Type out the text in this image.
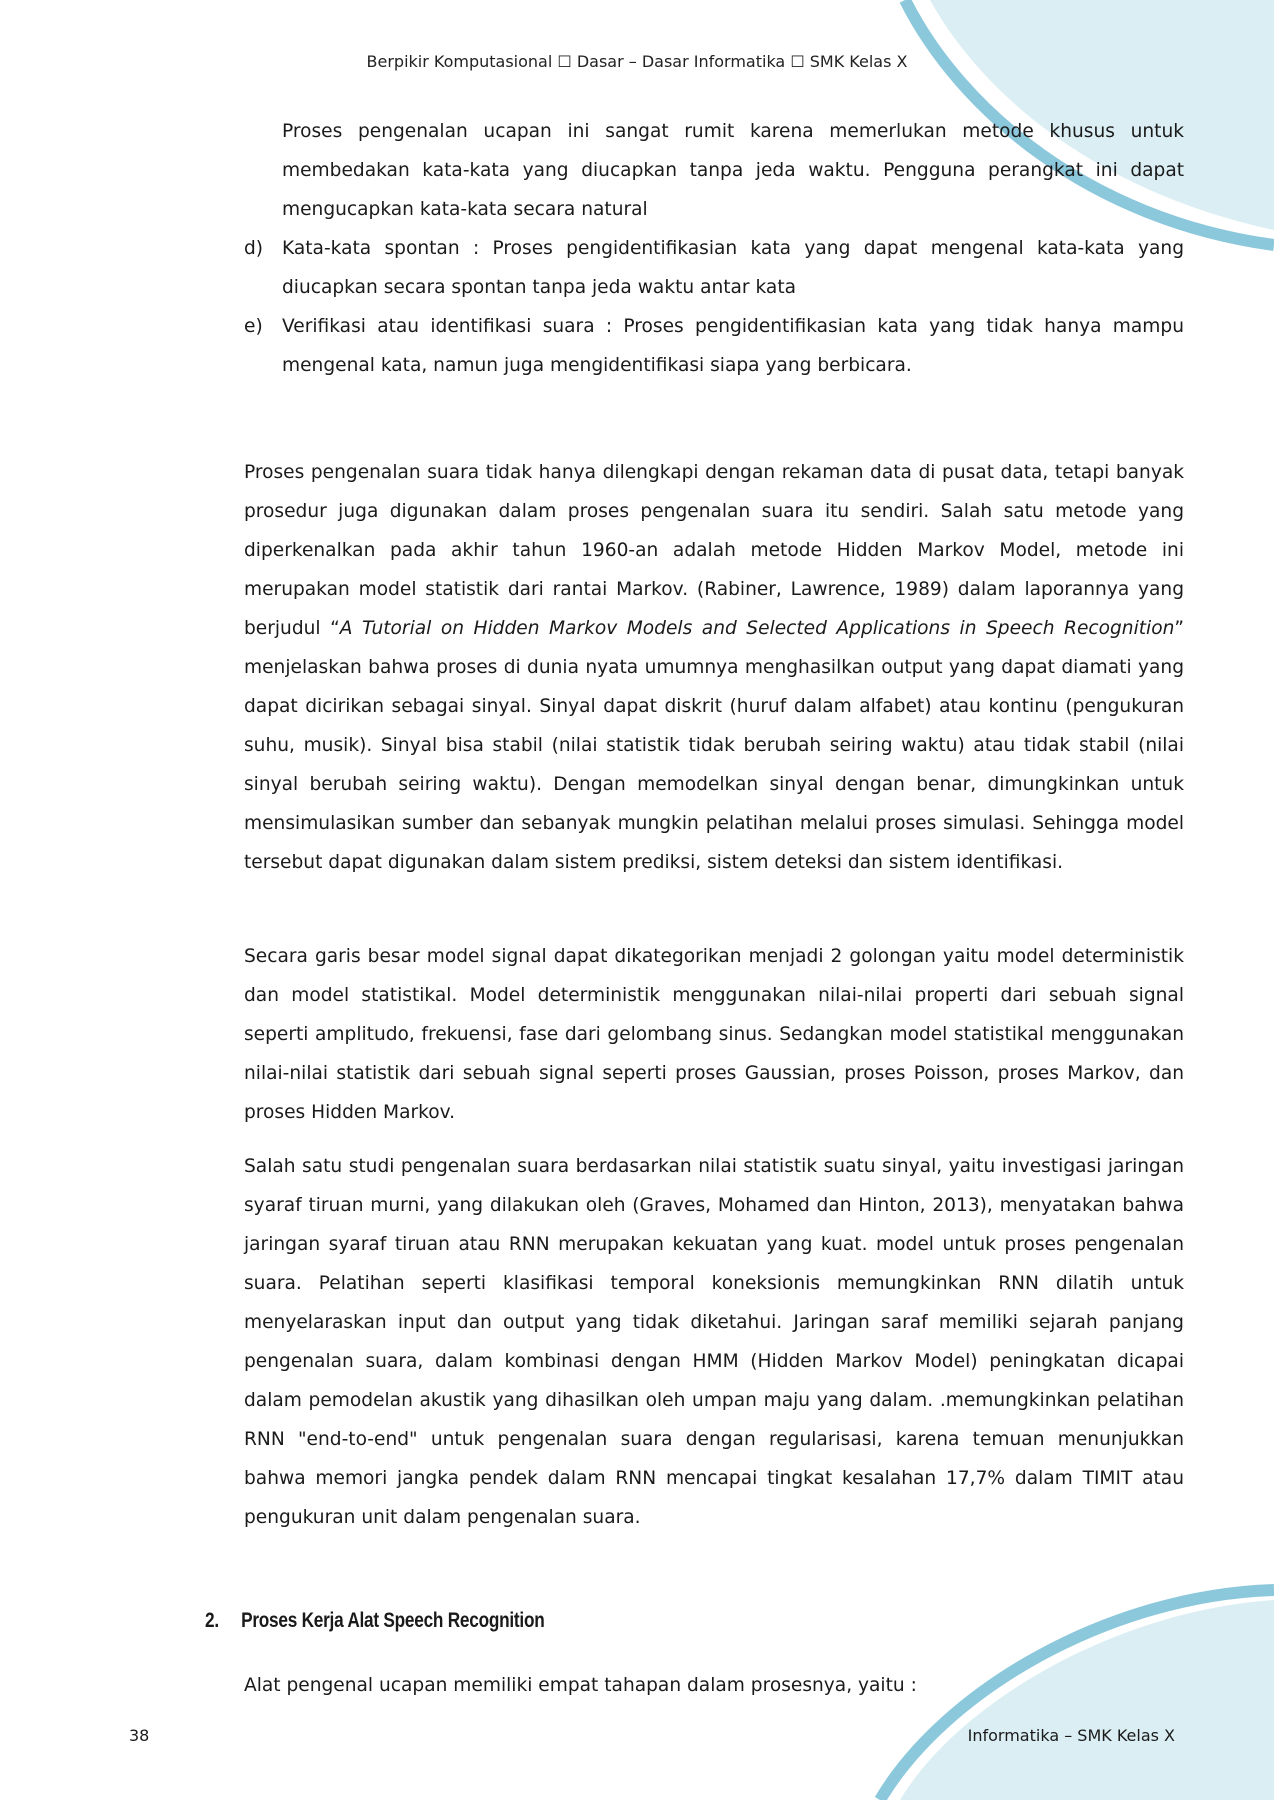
Berpikir Komputasional ☐ Dasar – Dasar Informatika ☐ SMK Kelas X

Proses pengenalan ucapan ini sangat rumit karena memerlukan metode khusus untuk membedakan kata-kata yang diucapkan tanpa jeda waktu. Pengguna perangkat ini dapat mengucapkan kata-kata secara natural

d) Kata-kata spontan : Proses pengidentifikasian kata yang dapat mengenal kata-kata yang diucapkan secara spontan tanpa jeda waktu antar kata
e) Verifikasi atau identifikasi suara : Proses pengidentifikasian kata yang tidak hanya mampu mengenal kata, namun juga mengidentifikasi siapa yang berbicara.

Proses pengenalan suara tidak hanya dilengkapi dengan rekaman data di pusat data, tetapi banyak prosedur juga digunakan dalam proses pengenalan suara itu sendiri. Salah satu metode yang diperkenalkan pada akhir tahun 1960-an adalah metode Hidden Markov Model, metode ini merupakan model statistik dari rantai Markov. (Rabiner, Lawrence, 1989) dalam laporannya yang berjudul “A Tutorial on Hidden Markov Models and Selected Applications in Speech Recognition” menjelaskan bahwa proses di dunia nyata umumnya menghasilkan output yang dapat diamati yang dapat dicirikan sebagai sinyal. Sinyal dapat diskrit (huruf dalam alfabet) atau kontinu (pengukuran suhu, musik). Sinyal bisa stabil (nilai statistik tidak berubah seiring waktu) atau tidak stabil (nilai sinyal berubah seiring waktu). Dengan memodelkan sinyal dengan benar, dimungkinkan untuk mensimulasikan sumber dan sebanyak mungkin pelatihan melalui proses simulasi. Sehingga model tersebut dapat digunakan dalam sistem prediksi, sistem deteksi dan sistem identifikasi.

Secara garis besar model signal dapat dikategorikan menjadi 2 golongan yaitu model deterministik dan model statistikal. Model deterministik menggunakan nilai-nilai properti dari sebuah signal seperti amplitudo, frekuensi, fase dari gelombang sinus. Sedangkan model statistikal menggunakan nilai-nilai statistik dari sebuah signal seperti proses Gaussian, proses Poisson, proses Markov, dan proses Hidden Markov.

Salah satu studi pengenalan suara berdasarkan nilai statistik suatu sinyal, yaitu investigasi jaringan syaraf tiruan murni, yang dilakukan oleh (Graves, Mohamed dan Hinton, 2013), menyatakan bahwa jaringan syaraf tiruan atau RNN merupakan kekuatan yang kuat. model untuk proses pengenalan suara. Pelatihan seperti klasifikasi temporal koneksionis memungkinkan RNN dilatih untuk menyelaraskan input dan output yang tidak diketahui. Jaringan saraf memiliki sejarah panjang pengenalan suara, dalam kombinasi dengan HMM (Hidden Markov Model) peningkatan dicapai dalam pemodelan akustik yang dihasilkan oleh umpan maju yang dalam. .memungkinkan pelatihan RNN "end-to-end" untuk pengenalan suara dengan regularisasi, karena temuan menunjukkan bahwa memori jangka pendek dalam RNN mencapai tingkat kesalahan 17,7% dalam TIMIT atau pengukuran unit dalam pengenalan suara.

2. Proses Kerja Alat Speech Recognition

Alat pengenal ucapan memiliki empat tahapan dalam prosesnya, yaitu :

38	Informatika – SMK Kelas X
